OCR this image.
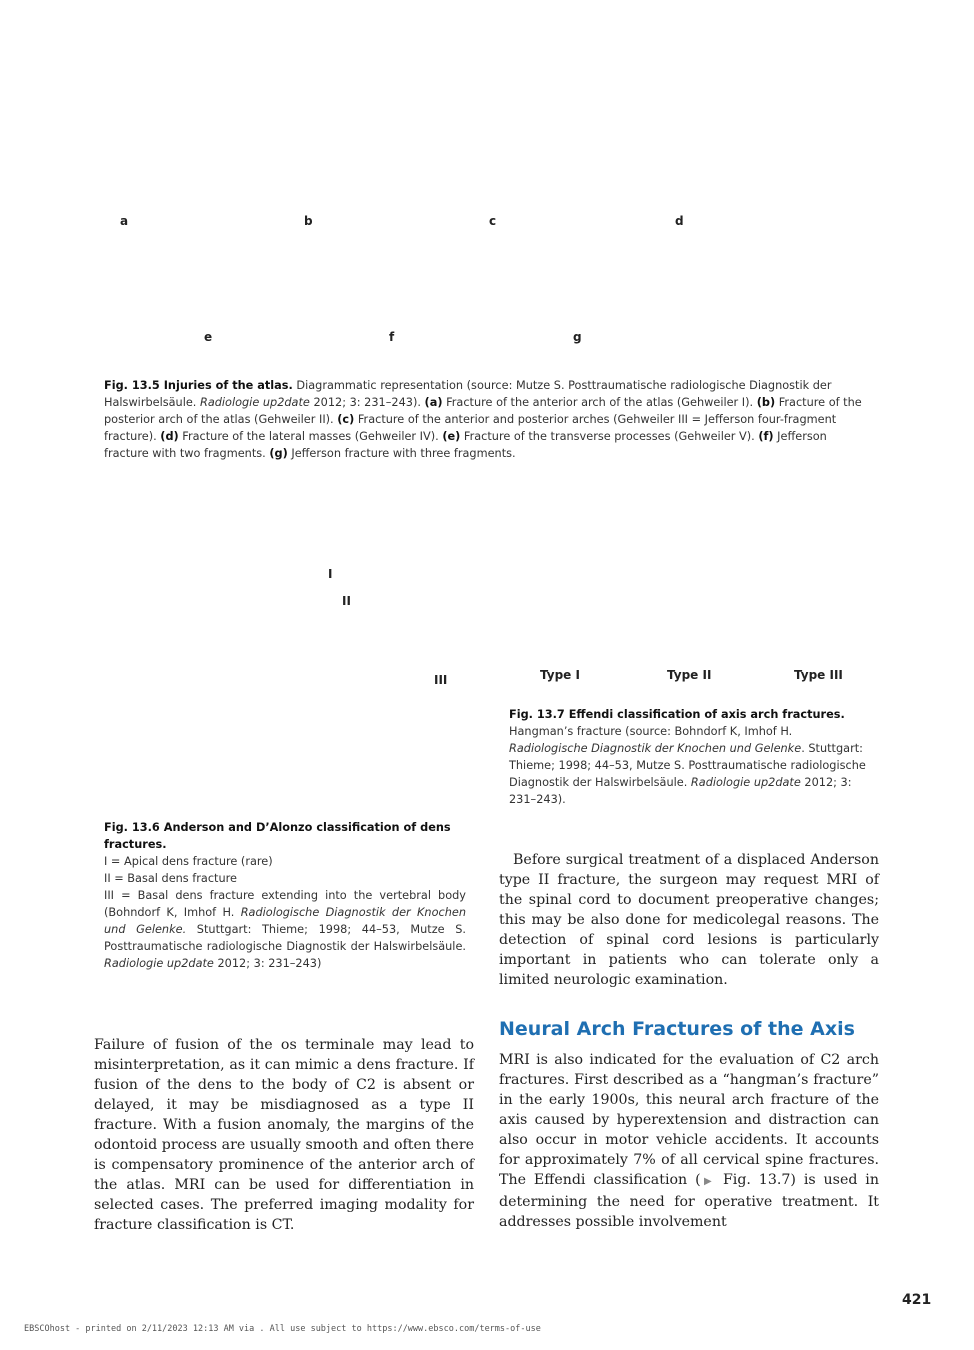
a	b	c	d
e	f	g
Fig. 13.5 Injuries of the atlas. Diagrammatic representation (source: Mutze S. Posttraumatische radiologische Diagnostik der Halswirbelsäule. Radiologie up2date 2012; 3: 231–243). (a) Fracture of the anterior arch of the atlas (Gehweiler I). (b) Fracture of the posterior arch of the atlas (Gehweiler II). (c) Fracture of the anterior and posterior arches (Gehweiler III = Jefferson four-fragment fracture). (d) Fracture of the lateral masses (Gehweiler IV). (e) Fracture of the transverse processes (Gehweiler V). (f) Jefferson fracture with two fragments. (g) Jefferson fracture with three fragments.
I
II
III	Type I	Type II	Type III
Fig. 13.7 Effendi classification of axis arch fractures. Hangman’s fracture (source: Bohndorf K, Imhof H. Radiologische Diagnostik der Knochen und Gelenke. Stuttgart: Thieme; 1998; 44–53, Mutze S. Posttraumatische radiologische Diagnostik der Halswirbelsäule. Radiologie up2date 2012; 3: 231–243).
Fig. 13.6 Anderson and D’Alonzo classification of dens fractures.
I = Apical dens fracture (rare)
II = Basal dens fracture
III = Basal dens fracture extending into the vertebral body (Bohndorf K, Imhof H. Radiologische Diagnostik der Knochen und Gelenke. Stuttgart: Thieme; 1998; 44–53, Mutze S. Posttraumatische radiologische Diagnostik der Halswirbelsäule. Radiologie up2date 2012; 3: 231–243)
Before surgical treatment of a displaced Anderson type II fracture, the surgeon may request MRI of the spinal cord to document preoperative changes; this may be also done for medicolegal reasons. The detection of spinal cord lesions is particularly important in patients who can tolerate only a limited neurologic examination.
Failure of fusion of the os terminale may lead to misinterpretation, as it can mimic a dens fracture. If fusion of the dens to the body of C2 is absent or delayed, it may be misdiagnosed as a type II fracture. With a fusion anomaly, the margins of the odontoid process are usually smooth and often there is compensatory prominence of the anterior arch of the atlas. MRI can be used for differentiation in selected cases. The preferred imaging modality for fracture classification is CT.
Neural Arch Fractures of the Axis
MRI is also indicated for the evaluation of C2 arch fractures. First described as a “hangman’s fracture” in the early 1900s, this neural arch fracture of the axis caused by hyperextension and distraction can also occur in motor vehicle accidents. It accounts for approximately 7% of all cervical spine fractures. The Effendi classification (▶ Fig. 13.7) is used in determining the need for operative treatment. It addresses possible involvement
421
EBSCOhost - printed on 2/11/2023 12:13 AM via . All use subject to https://www.ebsco.com/terms-of-use
